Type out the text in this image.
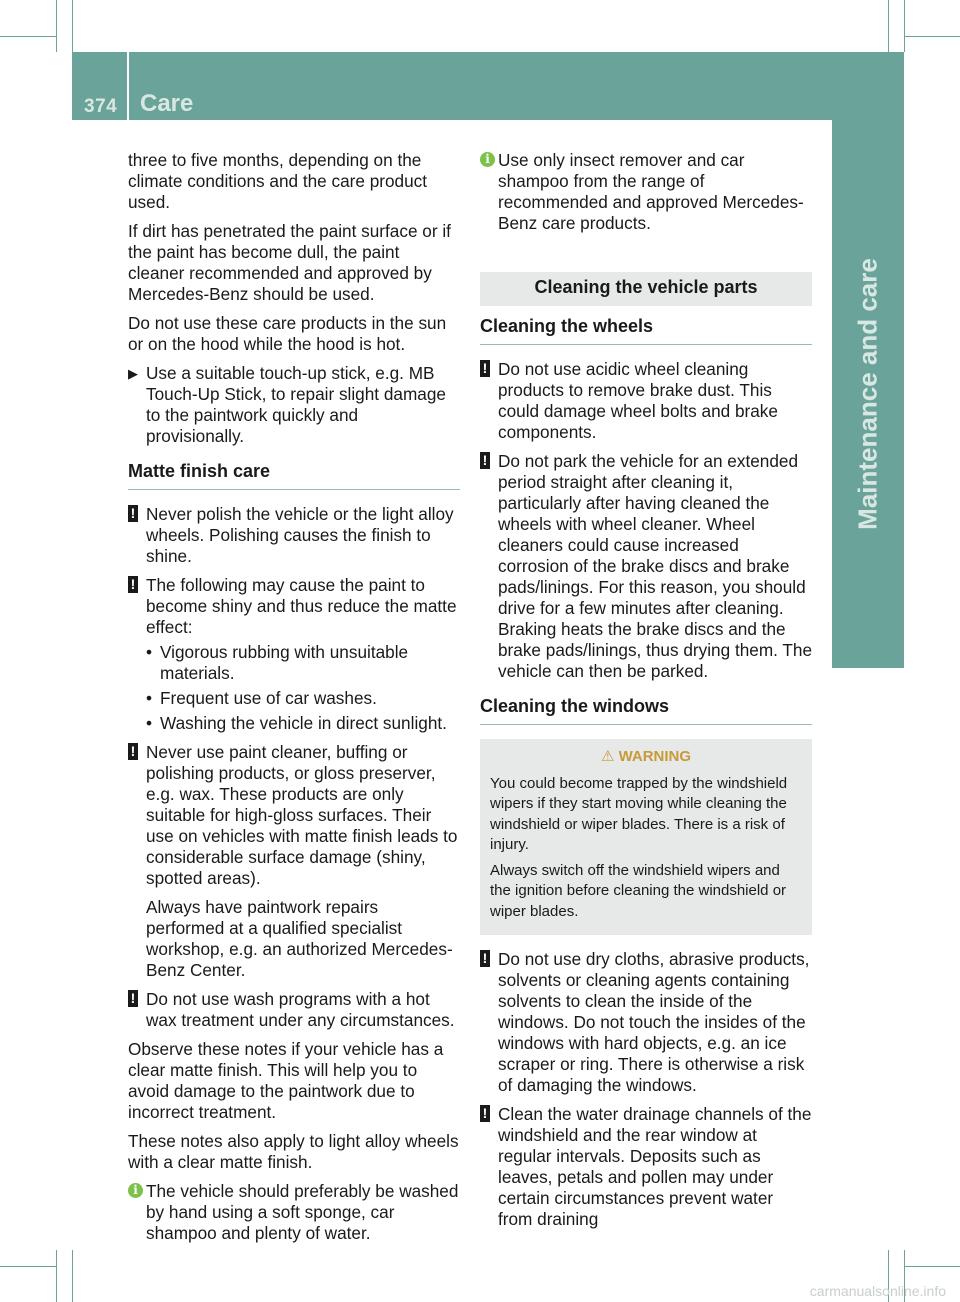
374 Care
Maintenance and care

three to five months, depending on the climate conditions and the care product used.

If dirt has penetrated the paint surface or if the paint has become dull, the paint cleaner recommended and approved by Mercedes-Benz should be used.

Do not use these care products in the sun or on the hood while the hood is hot.

▶ Use a suitable touch-up stick, e.g. MB Touch-Up Stick, to repair slight damage to the paintwork quickly and provisionally.

Matte finish care

! Never polish the vehicle or the light alloy wheels. Polishing causes the finish to shine.

! The following may cause the paint to become shiny and thus reduce the matte effect:

• Vigorous rubbing with unsuitable materials.
• Frequent use of car washes.
• Washing the vehicle in direct sunlight.

! Never use paint cleaner, buffing or polishing products, or gloss preserver, e.g. wax. These products are only suitable for high-gloss surfaces. Their use on vehicles with matte finish leads to considerable surface damage (shiny, spotted areas).

Always have paintwork repairs performed at a qualified specialist workshop, e.g. an authorized Mercedes-Benz Center.

! Do not use wash programs with a hot wax treatment under any circumstances.

Observe these notes if your vehicle has a clear matte finish. This will help you to avoid damage to the paintwork due to incorrect treatment.

These notes also apply to light alloy wheels with a clear matte finish.

i The vehicle should preferably be washed by hand using a soft sponge, car shampoo and plenty of water.

i Use only insect remover and car shampoo from the range of recommended and approved Mercedes-Benz care products.

Cleaning the vehicle parts
Cleaning the wheels

! Do not use acidic wheel cleaning products to remove brake dust. This could damage wheel bolts and brake components.

! Do not park the vehicle for an extended period straight after cleaning it, particularly after having cleaned the wheels with wheel cleaner. Wheel cleaners could cause increased corrosion of the brake discs and brake pads/linings. For this reason, you should drive for a few minutes after cleaning. Braking heats the brake discs and the brake pads/linings, thus drying them. The vehicle can then be parked.

Cleaning the windows
⚠ WARNING

You could become trapped by the windshield wipers if they start moving while cleaning the windshield or wiper blades. There is a risk of injury.

Always switch off the windshield wipers and the ignition before cleaning the windshield or wiper blades.

! Do not use dry cloths, abrasive products, solvents or cleaning agents containing solvents to clean the inside of the windows. Do not touch the insides of the windows with hard objects, e.g. an ice scraper or ring. There is otherwise a risk of damaging the windows.

! Clean the water drainage channels of the windshield and the rear window at regular intervals. Deposits such as leaves, petals and pollen may under certain circumstances prevent water from draining

carmanualsonline.info
